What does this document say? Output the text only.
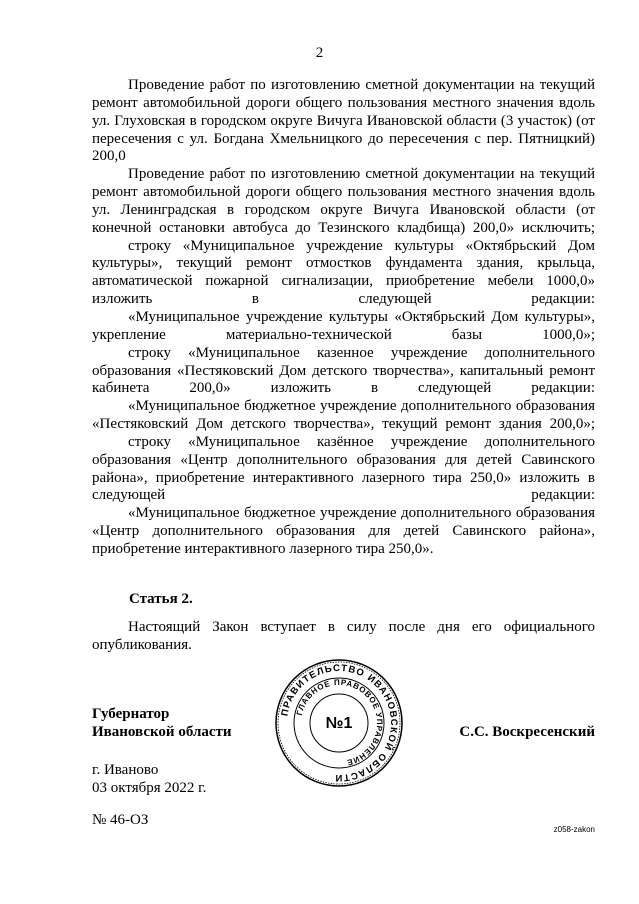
2

Проведение работ по изготовлению сметной документации на текущий ремонт автомобильной дороги общего пользования местного значения вдоль ул. Глуховская в городском округе Вичуга Ивановской области (3 участок) (от пересечения с ул. Богдана Хмельницкого до пересечения с пер. Пятницкий) 200,0

Проведение работ по изготовлению сметной документации на текущий ремонт автомобильной дороги общего пользования местного значения вдоль ул. Ленинградская в городском округе Вичуга Ивановской области (от конечной остановки автобуса до Тезинского кладбища) 200,0» исключить;

строку «Муниципальное учреждение культуры «Октябрьский Дом культуры», текущий ремонт отмостков фундамента здания, крыльца, автоматической пожарной сигнализации, приобретение мебели 1000,0» изложить в следующей редакции:

«Муниципальное учреждение культуры «Октябрьский Дом культуры», укрепление материально-технической базы 1000,0»;

строку «Муниципальное казенное учреждение дополнительного образования «Пестяковский Дом детского творчества», капитальный ремонт кабинета 200,0» изложить в следующей редакции:

«Муниципальное бюджетное учреждение дополнительного образования «Пестяковский Дом детского творчества», текущий ремонт здания 200,0»;

строку «Муниципальное казённое учреждение дополнительного образования «Центр дополнительного образования для детей Савинского района», приобретение интерактивного лазерного тира 250,0» изложить в следующей редакции:

«Муниципальное бюджетное учреждение дополнительного образования «Центр дополнительного образования для детей Савинского района», приобретение интерактивного лазерного тира 250,0».

Статья 2.

Настоящий Закон вступает в силу после дня его официального опубликования.

Губернатор
Ивановской области	С.С. Воскресенский
ПРАВИТЕЛЬСТВО ИВАНОВСКОЙ ОБЛАСТИ
ГЛАВНОЕ ПРАВОВОЕ УПРАВЛЕНИЕ
№1
г. Иваново
03 октября 2022 г.
№ 46-ОЗ
z058-zakon
